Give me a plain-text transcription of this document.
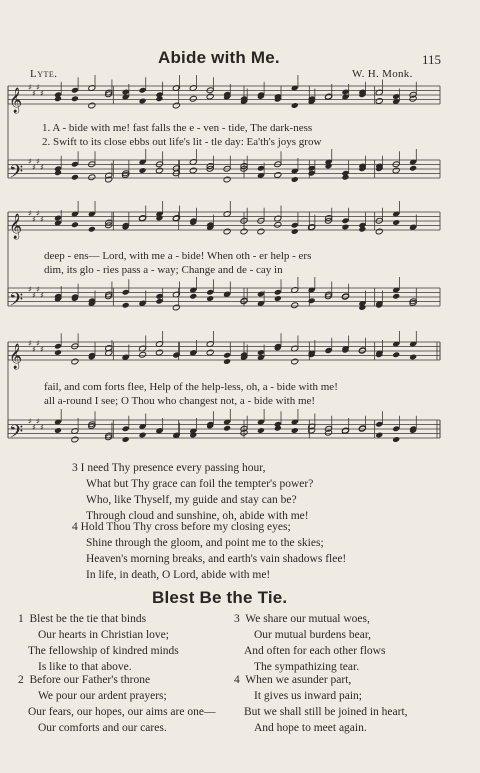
Abide with Me.	115
Lyte.	W. H. Monk.
𝄞
♯
♯
♯
♯
𝄢
♯
♯
♯
♯
𝄞
♯
♯
♯
♯
𝄢
♯
♯
♯
♯
𝄞
♯
♯
♯
♯
𝄢
♯
♯
♯
♯
1. A - bide with me! fast falls the e - ven - tide, The dark-ness
2. Swift to its close ebbs out life's lit - tle day: Ea'th's joys grow
deep - ens— Lord, with me a - bide! When oth - er help - ers
dim, its glo - ries pass a - way; Change and de - cay in
fail, and com forts flee, Help of the help-less, oh, a - bide with me!
all a-round I see; O Thou who changest not, a - bide with me!
3 I need Thy presence every passing hour,
What but Thy grace can foil the tempter's power?
Who, like Thyself, my guide and stay can be?
Through cloud and sunshine, oh, abide with me!
4 Hold Thou Thy cross before my closing eyes;
Shine through the gloom, and point me to the skies;
Heaven's morning breaks, and earth's vain shadows flee!
In life, in death, O Lord, abide with me!
Blest Be the Tie.
1 Blest be the tie that binds
Our hearts in Christian love;
The fellowship of kindred minds
Is like to that above.
2 Before our Father's throne
We pour our ardent prayers;
Our fears, our hopes, our aims are one—
Our comforts and our cares.
3 We share our mutual woes,
Our mutual burdens bear,
And often for each other flows
The sympathizing tear.
4 When we asunder part,
It gives us inward pain;
But we shall still be joined in heart,
And hope to meet again.
